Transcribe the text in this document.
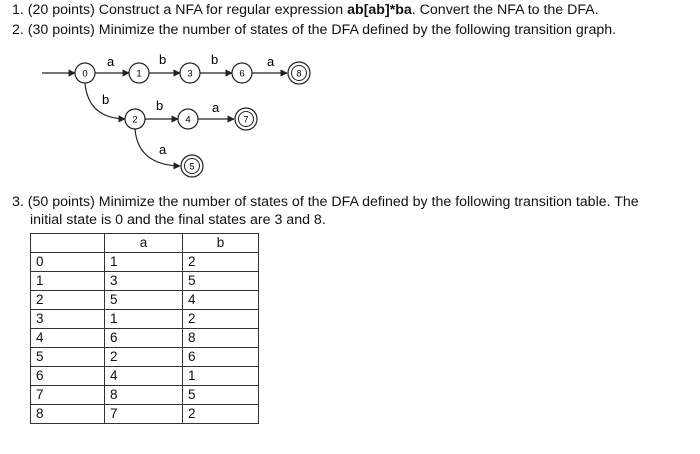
1. (20 points) Construct a NFA for regular expression ab[ab]*ba. Convert the NFA to the DFA.
2. (30 points) Minimize the number of states of the DFA defined by the following transition graph.
a	b	b	a
b	b	a
a
0	1	3	6	8
2	4	7
5
3. (50 points) Minimize the number of states of the DFA defined by the following transition table. The
initial state is 0 and the final states are 3 and 8.
	a	b
0	1	2
1	3	5
2	5	4
3	1	2
4	6	8
5	2	6
6	4	1
7	8	5
8	7	2
